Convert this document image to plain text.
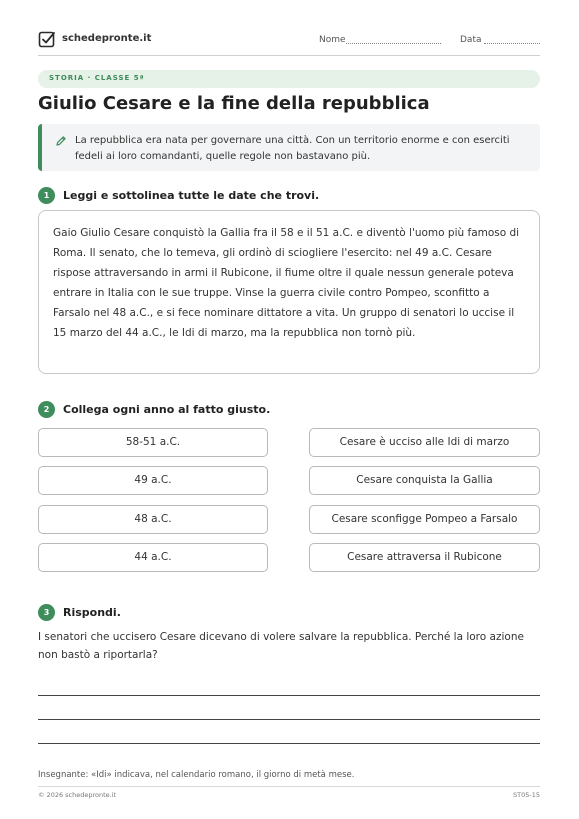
schedepronte.it	Nome	Data
STORIA · CLASSE 5ª
Giulio Cesare e la fine della repubblica

La repubblica era nata per governare una città. Con un territorio enorme e con eserciti fedeli ai loro comandanti, quelle regole non bastavano più.

1	Leggi e sottolinea tutte le date che trovi.

Gaio Giulio Cesare conquistò la Gallia fra il 58 e il 51 a.C. e diventò l'uomo più famoso di Roma. Il senato, che lo temeva, gli ordinò di sciogliere l'esercito: nel 49 a.C. Cesare rispose attraversando in armi il Rubicone, il fiume oltre il quale nessun generale poteva entrare in Italia con le sue truppe. Vinse la guerra civile contro Pompeo, sconfitto a Farsalo nel 48 a.C., e si fece nominare dittatore a vita. Un gruppo di senatori lo uccise il 15 marzo del 44 a.C., le Idi di marzo, ma la repubblica non tornò più.

2	Collega ogni anno al fatto giusto.
58-51 a.C.
49 a.C.
48 a.C.
44 a.C.
Cesare è ucciso alle Idi di marzo
Cesare conquista la Gallia
Cesare sconfigge Pompeo a Farsalo
Cesare attraversa il Rubicone
3	Rispondi.

I senatori che uccisero Cesare dicevano di volere salvare la repubblica. Perché la loro azione non bastò a riportarla?

Insegnante: «Idi» indicava, nel calendario romano, il giorno di metà mese.
© 2026 schedepronte.it	ST05-15
